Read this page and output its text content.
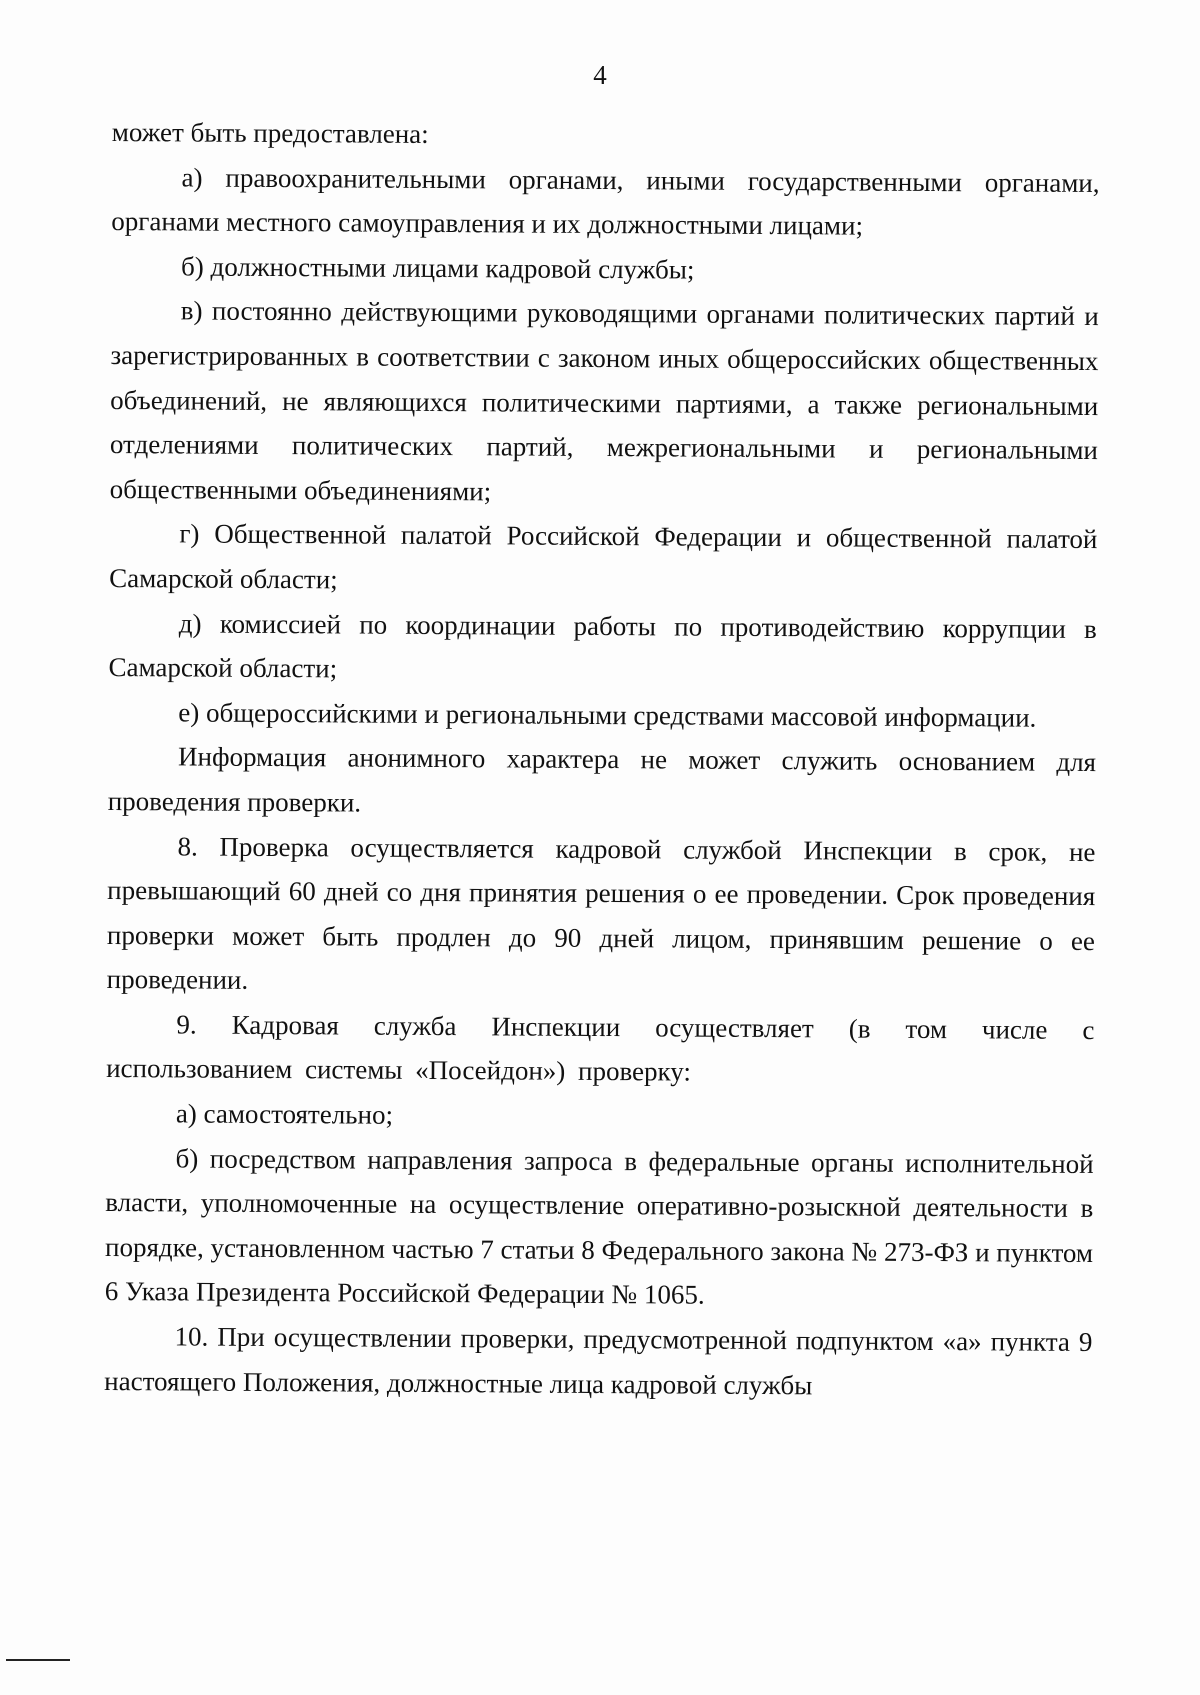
4

может быть предоставлена:

а) правоохранительными органами, иными государственными органами, органами местного самоуправления и их должностными лицами;

б) должностными лицами кадровой службы;

в) постоянно действующими руководящими органами политических партий и зарегистрированных в соответствии с законом иных общероссийских общественных объединений, не являющихся политическими партиями, а также региональными отделениями политических партий, межрегиональными и региональными общественными объединениями;

г) Общественной палатой Российской Федерации и общественной палатой Самарской области;

д) комиссией по координации работы по противодействию коррупции в Самарской области;

е) общероссийскими и региональными средствами массовой информации.

Информация анонимного характера не может служить основанием для проведения проверки.

8. Проверка осуществляется кадровой службой Инспекции в срок, не превышающий 60 дней со дня принятия решения о ее проведении. Срок проведения проверки может быть продлен до 90 дней лицом, принявшим решение о ее проведении.

9. Кадровая служба Инспекции осуществляет (в том числе с использованием системы «Посейдон») проверку:

а) самостоятельно;

б) посредством направления запроса в федеральные органы исполнительной власти, уполномоченные на осуществление оперативно-розыскной деятельности в порядке, установленном частью 7 статьи 8 Федерального закона № 273-ФЗ и пунктом 6 Указа Президента Российской Федерации № 1065.

10. При осуществлении проверки, предусмотренной подпунктом «а» пункта 9 настоящего Положения, должностные лица кадровой службы
